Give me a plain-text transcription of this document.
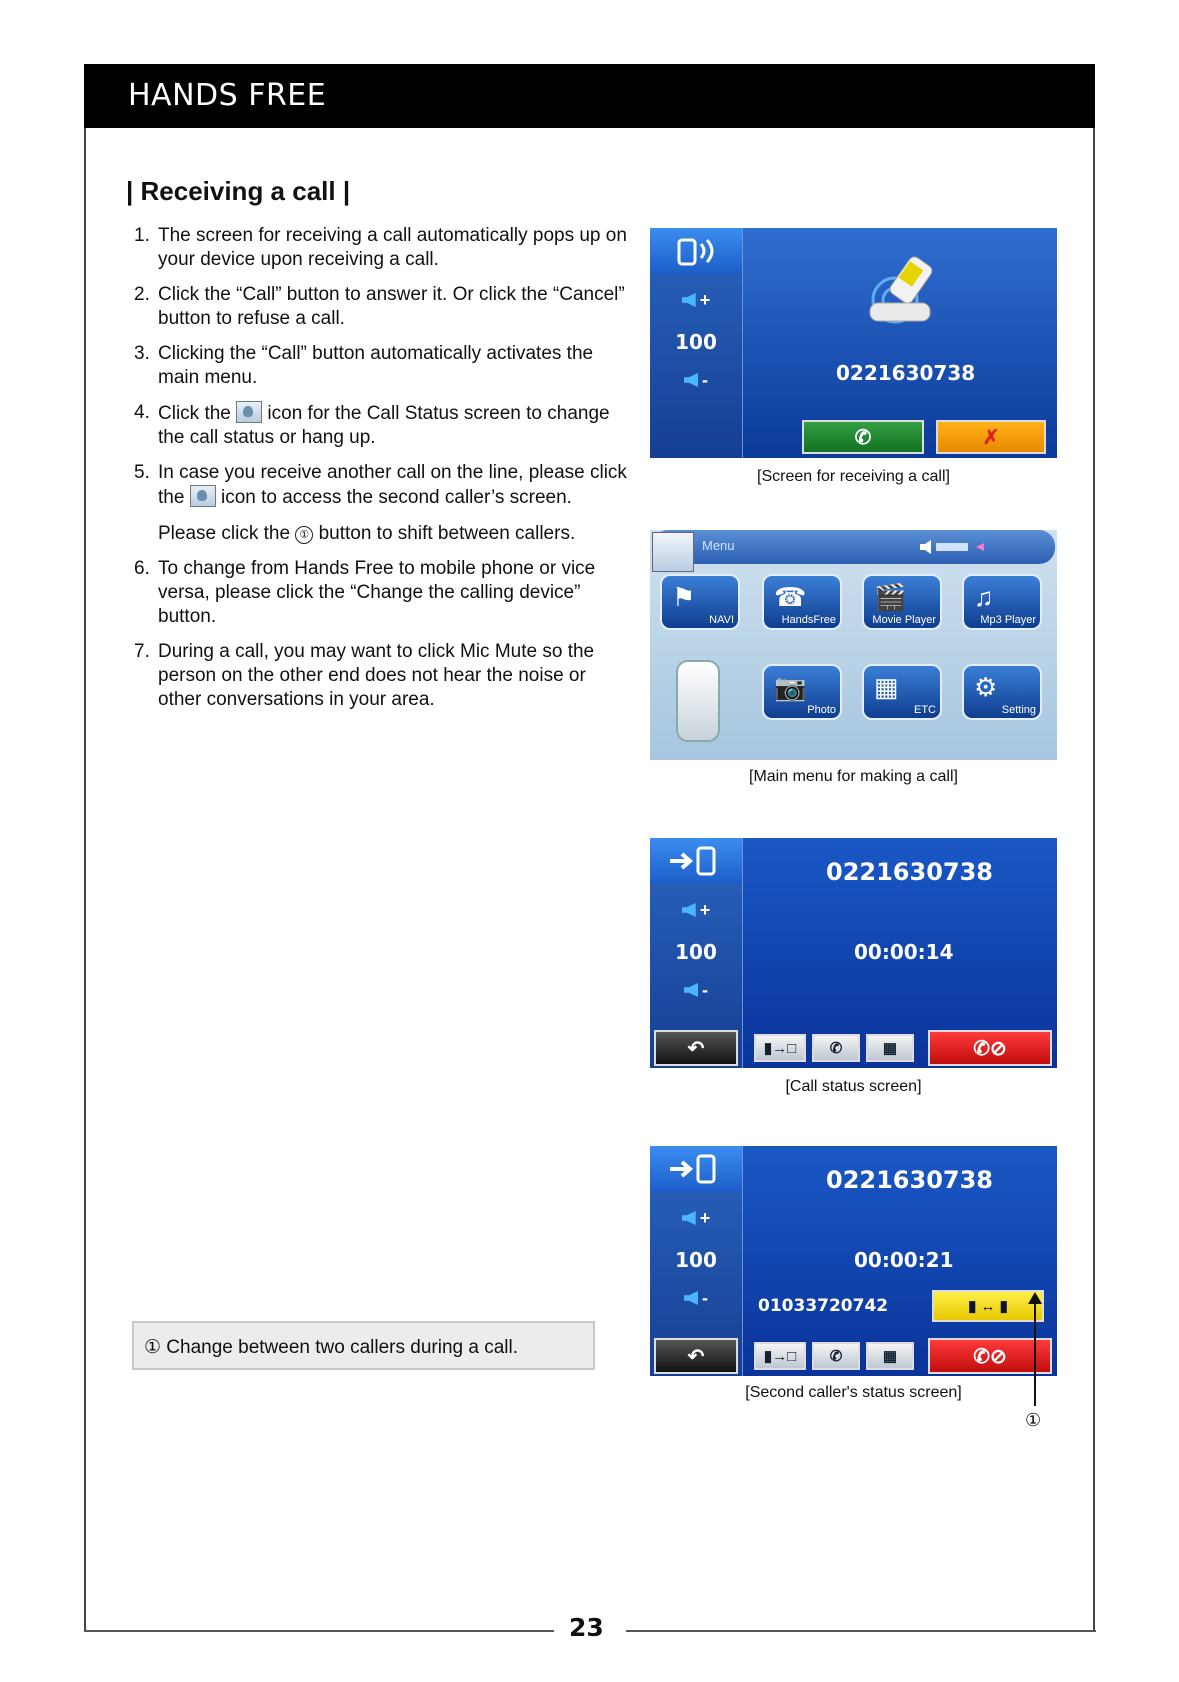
HANDS FREE
| Receiving a call |
1. The screen for receiving a call automatically pops up on your device upon receiving a call.
2. Click the “Call” button to answer it. Or click the “Cancel” button to refuse a call.
3. Clicking the “Call” button automatically activates the main menu.
4. Click the icon for the Call Status screen to change the call status or hang up.
5. In case you receive another call on the line, please click the icon to access the second caller’s screen.
Please click the ① button to shift between callers.
6. To change from Hands Free to mobile phone or vice versa, please click the “Change the calling device” button.
7. During a call, you may want to click Mic Mute so the person on the other end does not hear the noise or other conversations in your area.
① Change between two callers during a call.
+
100
-	0221630738
✆	✗
[Screen for receiving a call]
Menu
⚑
NAVI
☎
HandsFree
🎬
Movie Player
♫
Mp3 Player
📷
Photo
▦
ETC
⚙
Setting
[Main menu for making a call]
+
100
-
0221630738
00:00:14
↶	▮→□	✆	▦	✆⊘
[Call status screen]
+
100
-
0221630738
00:00:21
01033720742	▮ ↔ ▮
↶	▮→□	✆	▦	✆⊘
[Second caller's status screen]
①
23
